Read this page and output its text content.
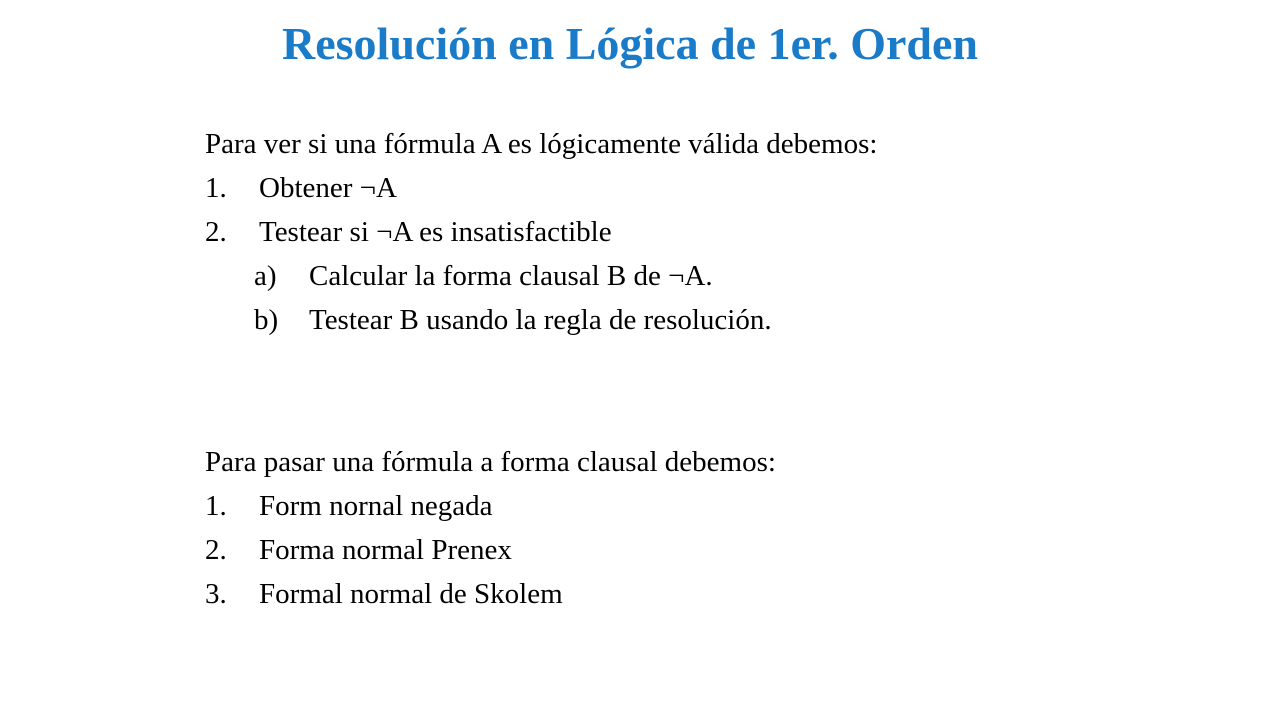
Resolución en Lógica de 1er. Orden

Para ver si una fórmula A es lógicamente válida debemos:

1. Obtener ¬A
2. Testear si ¬A es insatisfactible
a) Calcular la forma clausal B de ¬A.
b) Testear B usando la regla de resolución.

Para pasar una fórmula a forma clausal debemos:

1. Form nornal negada
2. Forma normal Prenex
3. Formal normal de Skolem
